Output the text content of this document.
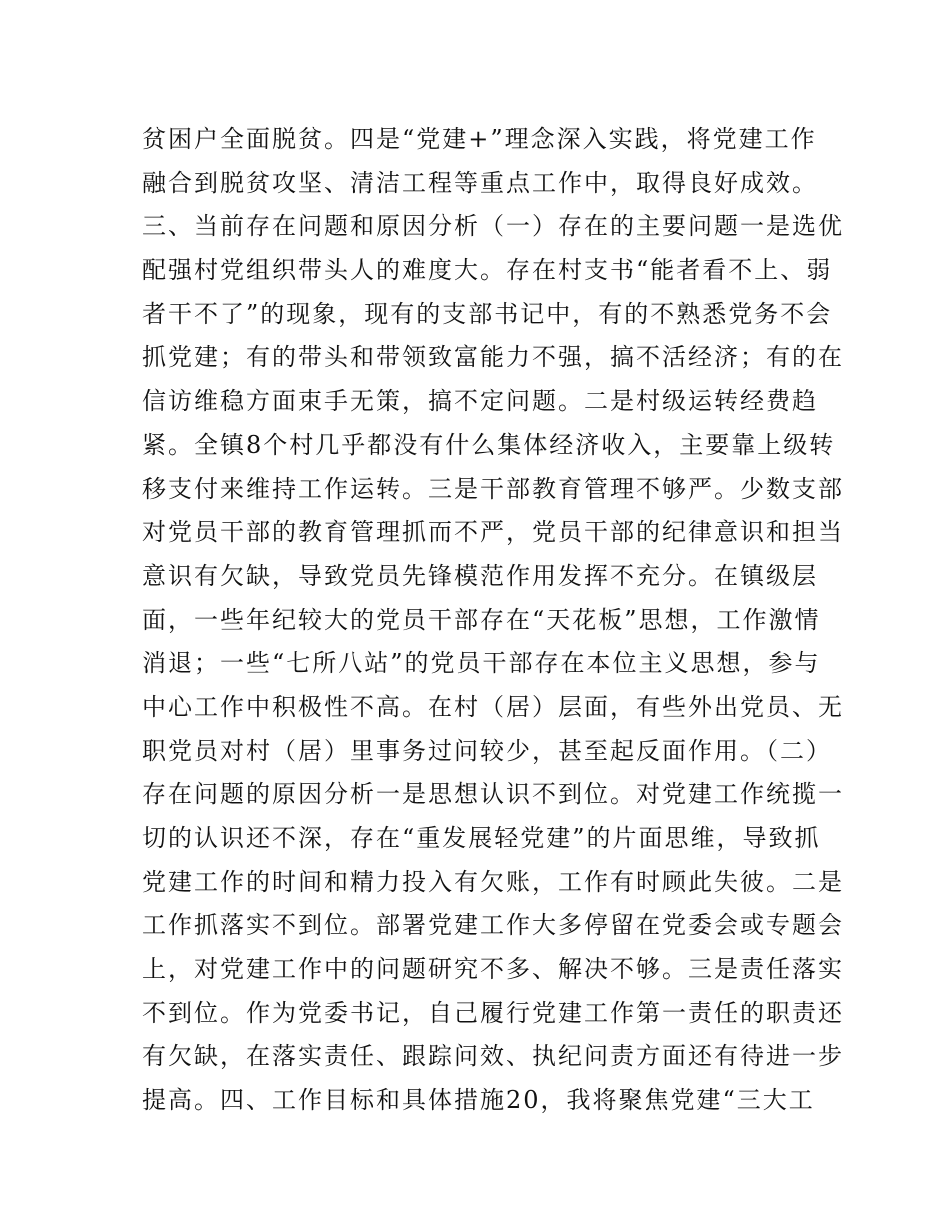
贫困户全面脱贫。四是“党建+”理念深入实践，将党建工作
融合到脱贫攻坚、清洁工程等重点工作中，取得良好成效。
三、当前存在问题和原因分析（一）存在的主要问题一是选优
配强村党组织带头人的难度大。存在村支书“能者看不上、弱
者干不了”的现象，现有的支部书记中，有的不熟悉党务不会
抓党建；有的带头和带领致富能力不强，搞不活经济；有的在
信访维稳方面束手无策，搞不定问题。二是村级运转经费趋
紧。全镇8个村几乎都没有什么集体经济收入，主要靠上级转
移支付来维持工作运转。三是干部教育管理不够严。少数支部
对党员干部的教育管理抓而不严，党员干部的纪律意识和担当
意识有欠缺，导致党员先锋模范作用发挥不充分。在镇级层
面，一些年纪较大的党员干部存在“天花板”思想，工作激情
消退；一些“七所八站”的党员干部存在本位主义思想，参与
中心工作中积极性不高。在村（居）层面，有些外出党员、无
职党员对村（居）里事务过问较少，甚至起反面作用。（二）
存在问题的原因分析一是思想认识不到位。对党建工作统揽一
切的认识还不深，存在“重发展轻党建”的片面思维，导致抓
党建工作的时间和精力投入有欠账，工作有时顾此失彼。二是
工作抓落实不到位。部署党建工作大多停留在党委会或专题会
上，对党建工作中的问题研究不多、解决不够。三是责任落实
不到位。作为党委书记，自己履行党建工作第一责任的职责还
有欠缺，在落实责任、跟踪问效、执纪问责方面还有待进一步
提高。四、工作目标和具体措施20，我将聚焦党建“三大工
